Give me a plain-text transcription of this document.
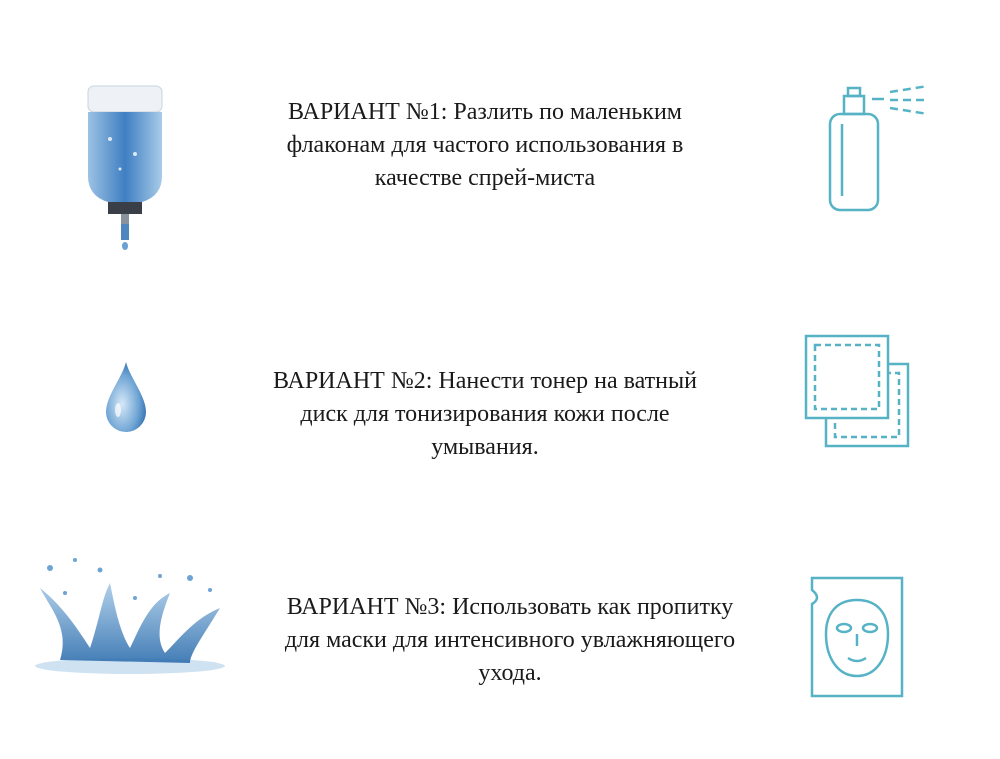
ВАРИАНТ №1: Разлить по маленьким
флаконам для частого использования в
качестве спрей-миста
ВАРИАНТ №2: Нанести тонер на ватный
диск для тонизирования кожи после
умывания.
ВАРИАНТ №3: Использовать как пропитку
для маски для интенсивного увлажняющего
ухода.
